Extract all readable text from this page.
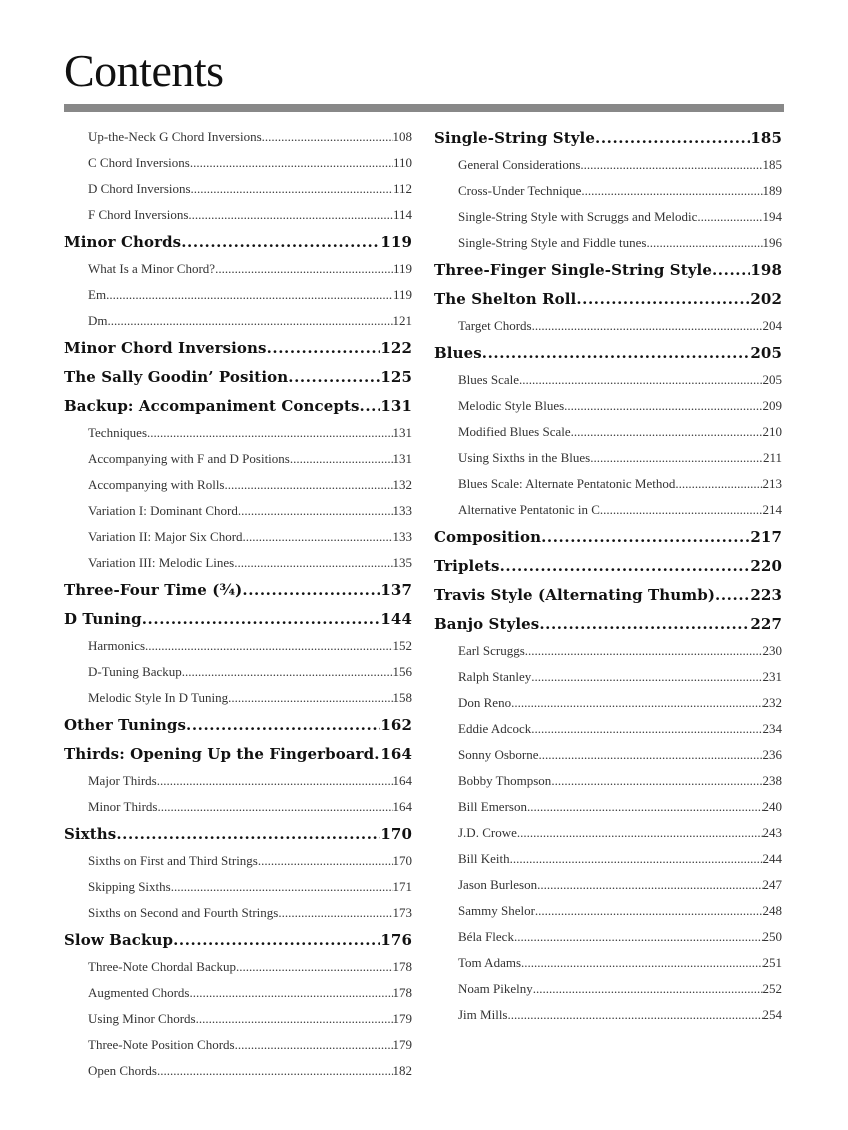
Contents
Up-the-Neck G Chord Inversions .....	108
C Chord Inversions .....	110
D Chord Inversions .....	112
F Chord Inversions .....	114
Minor Chords .....	119
What Is a Minor Chord? .....	119
Em .....	119
Dm .....	121
Minor Chord Inversions .....	122
The Sally Goodin’ Position .....	125
Backup: Accompaniment Concepts ..... 131
Techniques .....	131
Accompanying with F and D Positions .....	131
Accompanying with Rolls .....	132
Variation I: Dominant Chord .....	133
Variation II: Major Six Chord .....	133
Variation III: Melodic Lines .....	135
Three-Four Time (¾) .....	137
D Tuning .....	144
Harmonics .....	152
D-Tuning Backup .....	156
Melodic Style In D Tuning .....	158
Other Tunings .....	162
Thirds: Opening Up the Fingerboard ..... 164
Major Thirds .....	164
Minor Thirds .....	164
Sixths .....	170
Sixths on First and Third Strings .....	170
Skipping Sixths .....	171
Sixths on Second and Fourth Strings .....	173
Slow Backup .....	176
Three-Note Chordal Backup .....	178
Augmented Chords .....	178
Using Minor Chords .....	179
Three-Note Position Chords .....	179
Open Chords .....	182
Single-String Style .....	185
General Considerations .....	185
Cross-Under Technique .....	189
Single-String Style with Scruggs and Melodic .....	194
Single-String Style and Fiddle tunes .....	196
Three-Finger Single-String Style .....	198
The Shelton Roll .....	202
Target Chords .....	204
Blues .....	205
Blues Scale .....	205
Melodic Style Blues .....	209
Modified Blues Scale .....	210
Using Sixths in the Blues .....	211
Blues Scale: Alternate Pentatonic Method .....	213
Alternative Pentatonic in C .....	214
Composition .....	217
Triplets .....	220
Travis Style (Alternating Thumb) ..... 223
Banjo Styles .....	227
Earl Scruggs .....	230
Ralph Stanley .....	231
Don Reno .....	232
Eddie Adcock .....	234
Sonny Osborne .....	236
Bobby Thompson .....	238
Bill Emerson .....	240
J.D. Crowe .....	243
Bill Keith .....	244
Jason Burleson .....	247
Sammy Shelor .....	248
Béla Fleck .....	250
Tom Adams .....	251
Noam Pikelny .....	252
Jim Mills .....	254
